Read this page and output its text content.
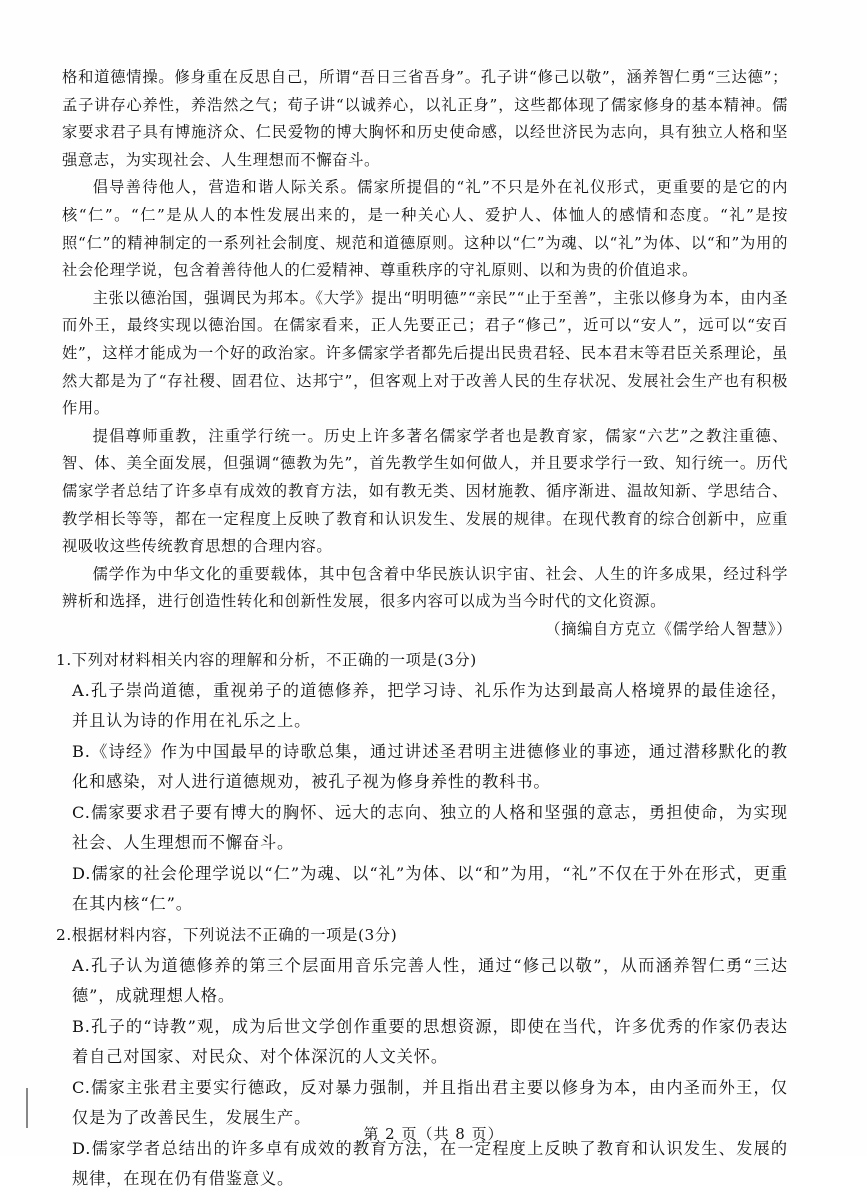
格和道德情操。修身重在反思自己，所谓“吾日三省吾身”。孔子讲“修己以敬”，涵养智仁勇“三达德”；孟子讲存心养性，养浩然之气；荀子讲“以诚养心，以礼正身”，这些都体现了儒家修身的基本精神。儒家要求君子具有博施济众、仁民爱物的博大胸怀和历史使命感，以经世济民为志向，具有独立人格和坚强意志，为实现社会、人生理想而不懈奋斗。

倡导善待他人，营造和谐人际关系。儒家所提倡的“礼”不只是外在礼仪形式，更重要的是它的内核“仁”。“仁”是从人的本性发展出来的，是一种关心人、爱护人、体恤人的感情和态度。“礼”是按照“仁”的精神制定的一系列社会制度、规范和道德原则。这种以“仁”为魂、以“礼”为体、以“和”为用的社会伦理学说，包含着善待他人的仁爱精神、尊重秩序的守礼原则、以和为贵的价值追求。

主张以德治国，强调民为邦本。《大学》提出“明明德”“亲民”“止于至善”，主张以修身为本，由内圣而外王，最终实现以德治国。在儒家看来，正人先要正己；君子“修己”，近可以“安人”，远可以“安百姓”，这样才能成为一个好的政治家。许多儒家学者都先后提出民贵君轻、民本君末等君臣关系理论，虽然大都是为了“存社稷、固君位、达邦宁”，但客观上对于改善人民的生存状况、发展社会生产也有积极作用。

提倡尊师重教，注重学行统一。历史上许多著名儒家学者也是教育家，儒家“六艺”之教注重德、智、体、美全面发展，但强调“德教为先”，首先教学生如何做人，并且要求学行一致、知行统一。历代儒家学者总结了许多卓有成效的教育方法，如有教无类、因材施教、循序渐进、温故知新、学思结合、教学相长等等，都在一定程度上反映了教育和认识发生、发展的规律。在现代教育的综合创新中，应重视吸收这些传统教育思想的合理内容。

儒学作为中华文化的重要载体，其中包含着中华民族认识宇宙、社会、人生的许多成果，经过科学辨析和选择，进行创造性转化和创新性发展，很多内容可以成为当今时代的文化资源。

（摘编自方克立《儒学给人智慧》）

1.下列对材料相关内容的理解和分析，不正确的一项是(3分)

A.孔子崇尚道德，重视弟子的道德修养，把学习诗、礼乐作为达到最高人格境界的最佳途径，并且认为诗的作用在礼乐之上。

B.《诗经》作为中国最早的诗歌总集，通过讲述圣君明主进德修业的事迹，通过潜移默化的教化和感染，对人进行道德规劝，被孔子视为修身养性的教科书。

C.儒家要求君子要有博大的胸怀、远大的志向、独立的人格和坚强的意志，勇担使命，为实现社会、人生理想而不懈奋斗。

D.儒家的社会伦理学说以“仁”为魂、以“礼”为体、以“和”为用，“礼”不仅在于外在形式，更重在其内核“仁”。

2.根据材料内容，下列说法不正确的一项是(3分)

A.孔子认为道德修养的第三个层面用音乐完善人性，通过“修己以敬”，从而涵养智仁勇“三达德”，成就理想人格。

B.孔子的“诗教”观，成为后世文学创作重要的思想资源，即使在当代，许多优秀的作家仍表达着自己对国家、对民众、对个体深沉的人文关怀。

C.儒家主张君主要实行德政，反对暴力强制，并且指出君主要以修身为本，由内圣而外王，仅仅是为了改善民生，发展生产。

D.儒家学者总结出的许多卓有成效的教育方法，在一定程度上反映了教育和认识发生、发展的规律，在现在仍有借鉴意义。

第 2 页（共 8 页）
